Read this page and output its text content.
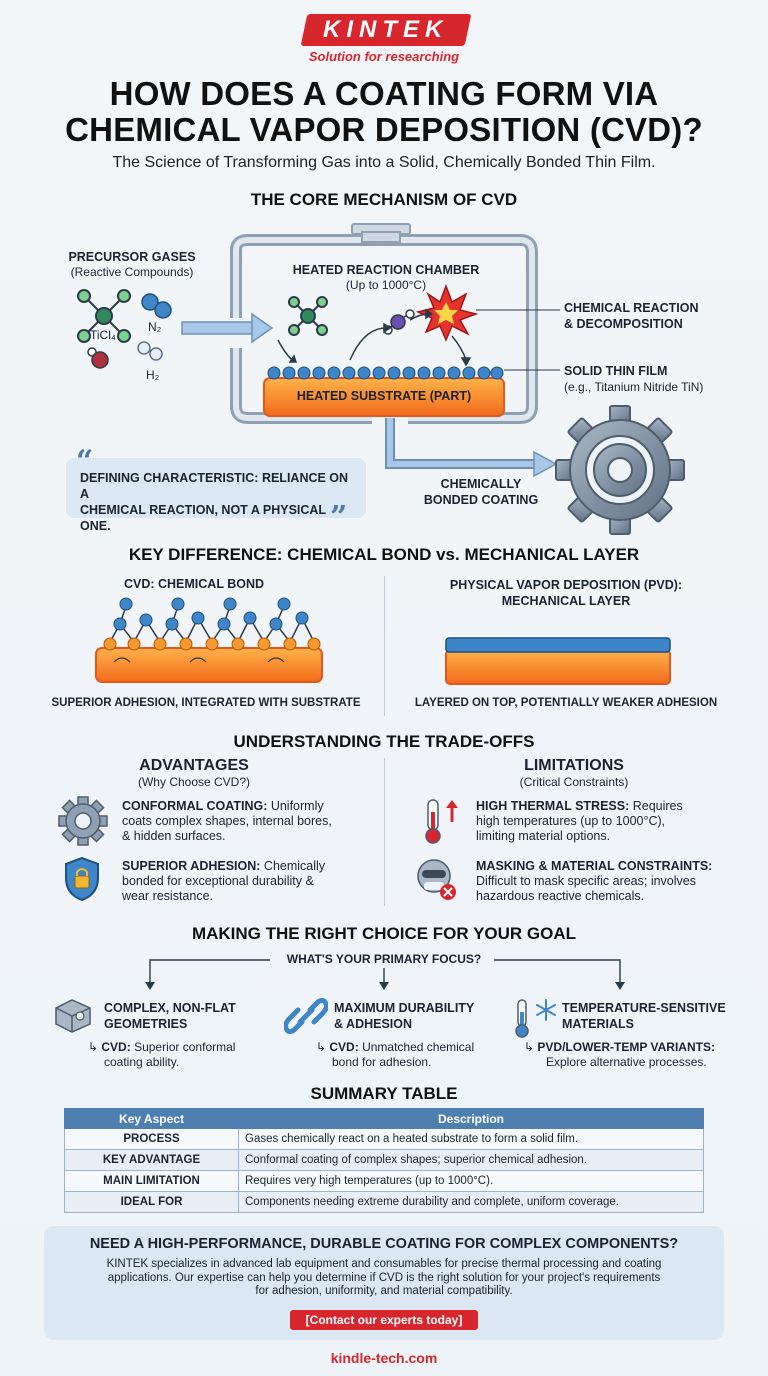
KINTEK
Solution for researching
HOW DOES A COATING FORM VIA
CHEMICAL VAPOR DEPOSITION (CVD)?
The Science of Transforming Gas into a Solid, Chemically Bonded Thin Film.
THE CORE MECHANISM OF CVD
PRECURSOR GASES
(Reactive Compounds)
TiCl₄
N₂
H₂
HEATED REACTION CHAMBER
(Up to 1000°C)
CHEMICAL REACTION
& DECOMPOSITION
SOLID THIN FILM
(e.g., Titanium Nitride TiN)
HEATED SUBSTRATE (PART)
CHEMICALLY
BONDED COATING
DEFINING CHARACTERISTIC: RELIANCE ON A
CHEMICAL REACTION, NOT A PHYSICAL ONE.
“
”
KEY DIFFERENCE: CHEMICAL BOND vs. MECHANICAL LAYER
CVD: CHEMICAL BOND
SUPERIOR ADHESION, INTEGRATED WITH SUBSTRATE
PHYSICAL VAPOR DEPOSITION (PVD):
MECHANICAL LAYER
LAYERED ON TOP, POTENTIALLY WEAKER ADHESION
UNDERSTANDING THE TRADE-OFFS
ADVANTAGES
(Why Choose CVD?)
LIMITATIONS
(Critical Constraints)
CONFORMAL COATING: Uniformly
coats complex shapes, internal bores,
& hidden surfaces.
SUPERIOR ADHESION: Chemically
bonded for exceptional durability &
wear resistance.
HIGH THERMAL STRESS: Requires
high temperatures (up to 1000°C),
limiting material options.
MASKING & MATERIAL CONSTRAINTS:
Difficult to mask specific areas; involves
hazardous reactive chemicals.
MAKING THE RIGHT CHOICE FOR YOUR GOAL
WHAT'S YOUR PRIMARY FOCUS?
COMPLEX, NON-FLAT
GEOMETRIES
↳ CVD: Superior conformal
coating ability.
MAXIMUM DURABILITY
& ADHESION
↳ CVD: Unmatched chemical
bond for adhesion.
TEMPERATURE-SENSITIVE
MATERIALS
↳ PVD/LOWER-TEMP VARIANTS:
Explore alternative processes.
SUMMARY TABLE
Key Aspect	Description
PROCESS	Gases chemically react on a heated substrate to form a solid film.
KEY ADVANTAGE	Conformal coating of complex shapes; superior chemical adhesion.
MAIN LIMITATION	Requires very high temperatures (up to 1000°C).
IDEAL FOR	Components needing extreme durability and complete, uniform coverage.
NEED A HIGH-PERFORMANCE, DURABLE COATING FOR COMPLEX COMPONENTS?
KINTEK specializes in advanced lab equipment and consumables for precise thermal processing and coating
applications. Our expertise can help you determine if CVD is the right solution for your project's requirements
for adhesion, uniformity, and material compatibility.
[Contact our experts today]
kindle-tech.com
